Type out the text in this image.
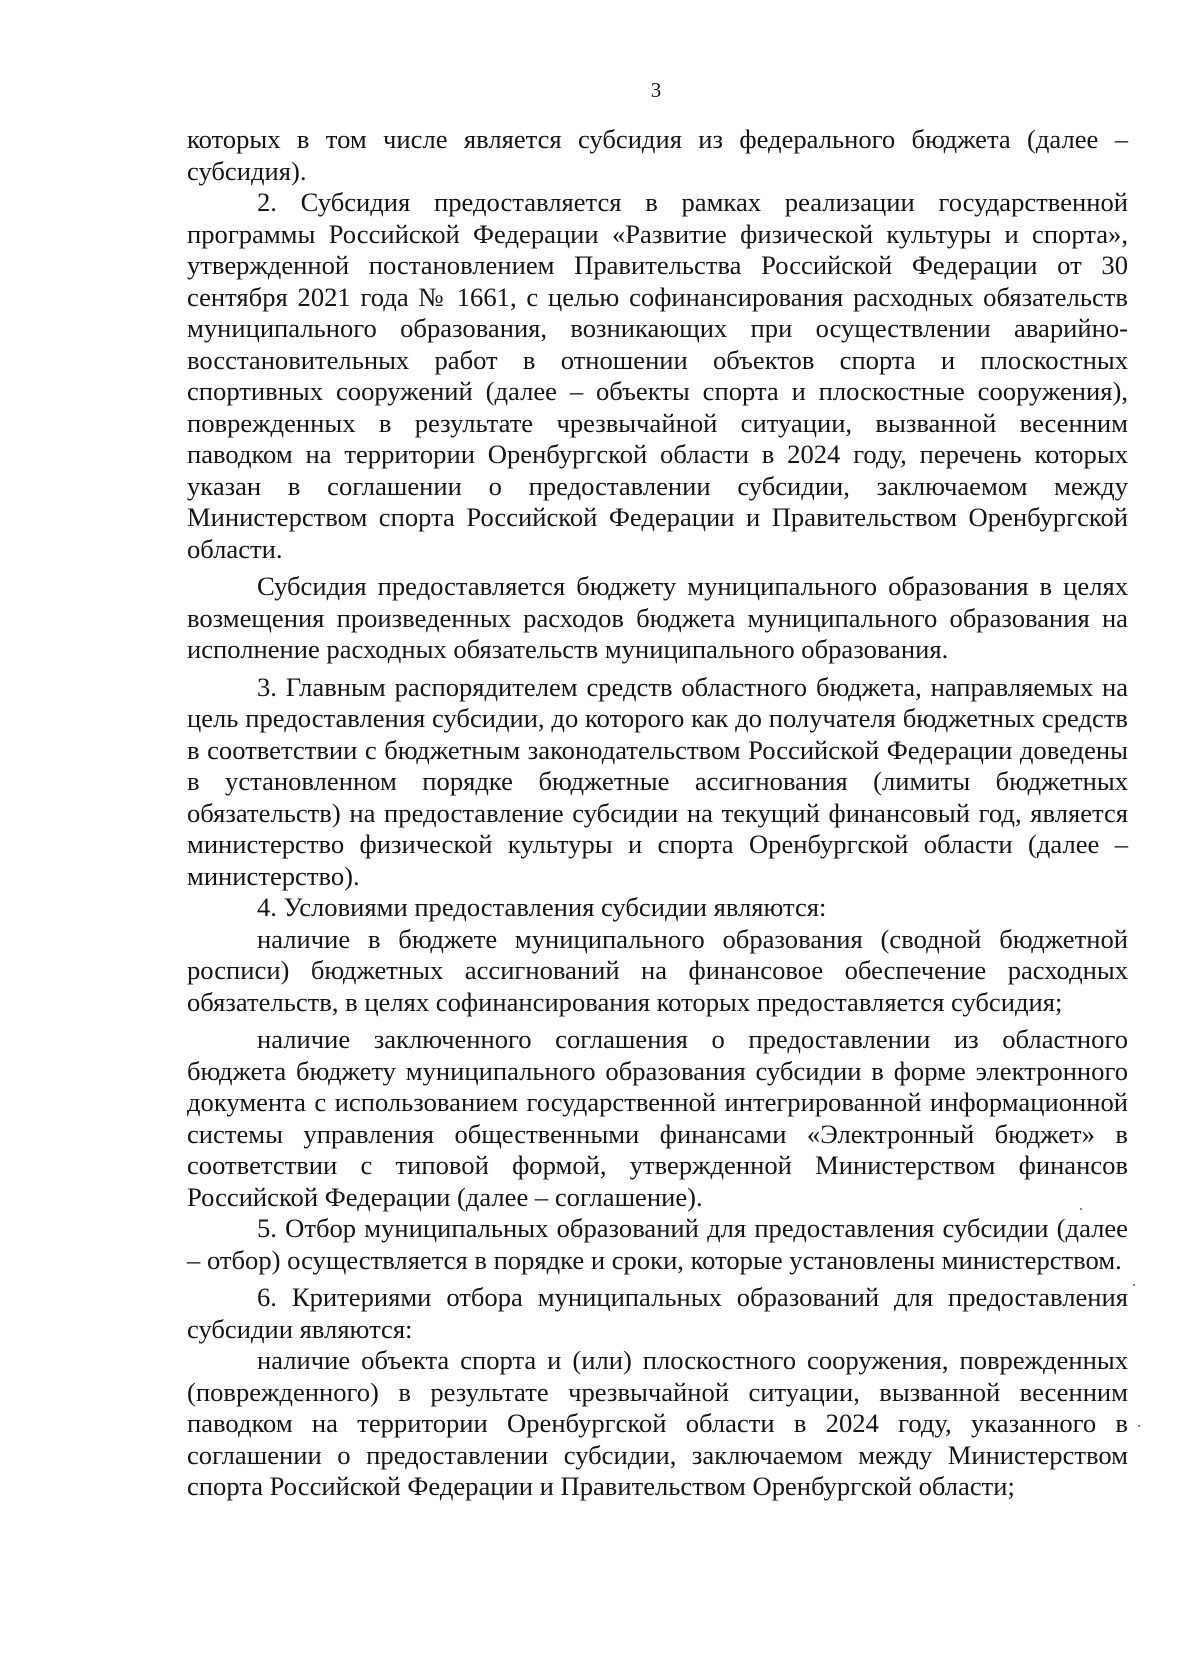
3

которых в том числе является субсидия из федерального бюджета (далее – субсидия).

2. Субсидия предоставляется в рамках реализации государственной программы Российской Федерации «Развитие физической культуры и спорта», утвержденной постановлением Правительства Российской Федерации от 30 сентября 2021 года № 1661, с целью софинансирования расходных обязательств муниципального образования, возникающих при осуществлении аварийно-восстановительных работ в отношении объектов спорта и плоскостных спортивных сооружений (далее – объекты спорта и плоскостные сооружения), поврежденных в результате чрезвычайной ситуации, вызванной весенним паводком на территории Оренбургской области в 2024 году, перечень которых указан в соглашении о предоставлении субсидии, заключаемом между Министерством спорта Российской Федерации и Правительством Оренбургской области.

Субсидия предоставляется бюджету муниципального образования в целях возмещения произведенных расходов бюджета муниципального образования на исполнение расходных обязательств муниципального образования.

3. Главным распорядителем средств областного бюджета, направляемых на цель предоставления субсидии, до которого как до получателя бюджетных средств в соответствии с бюджетным законодательством Российской Федерации доведены в установленном порядке бюджетные ассигнования (лимиты бюджетных обязательств) на предоставление субсидии на текущий финансовый год, является министерство физической культуры и спорта Оренбургской области (далее – министерство).

4. Условиями предоставления субсидии являются:

наличие в бюджете муниципального образования (сводной бюджетной росписи) бюджетных ассигнований на финансовое обеспечение расходных обязательств, в целях софинансирования которых предоставляется субсидия;

наличие заключенного соглашения о предоставлении из областного бюджета бюджету муниципального образования субсидии в форме электронного документа с использованием государственной интегрированной информационной системы управления общественными финансами «Электронный бюджет» в соответствии с типовой формой, утвержденной Министерством финансов Российской Федерации (далее – соглашение).

5. Отбор муниципальных образований для предоставления субсидии (далее – отбор) осуществляется в порядке и сроки, которые установлены министерством.

6. Критериями отбора муниципальных образований для предоставления субсидии являются:

наличие объекта спорта и (или) плоскостного сооружения, поврежденных (поврежденного) в результате чрезвычайной ситуации, вызванной весенним паводком на территории Оренбургской области в 2024 году, указанного в соглашении о предоставлении субсидии, заключаемом между Министерством спорта Российской Федерации и Правительством Оренбургской области;
